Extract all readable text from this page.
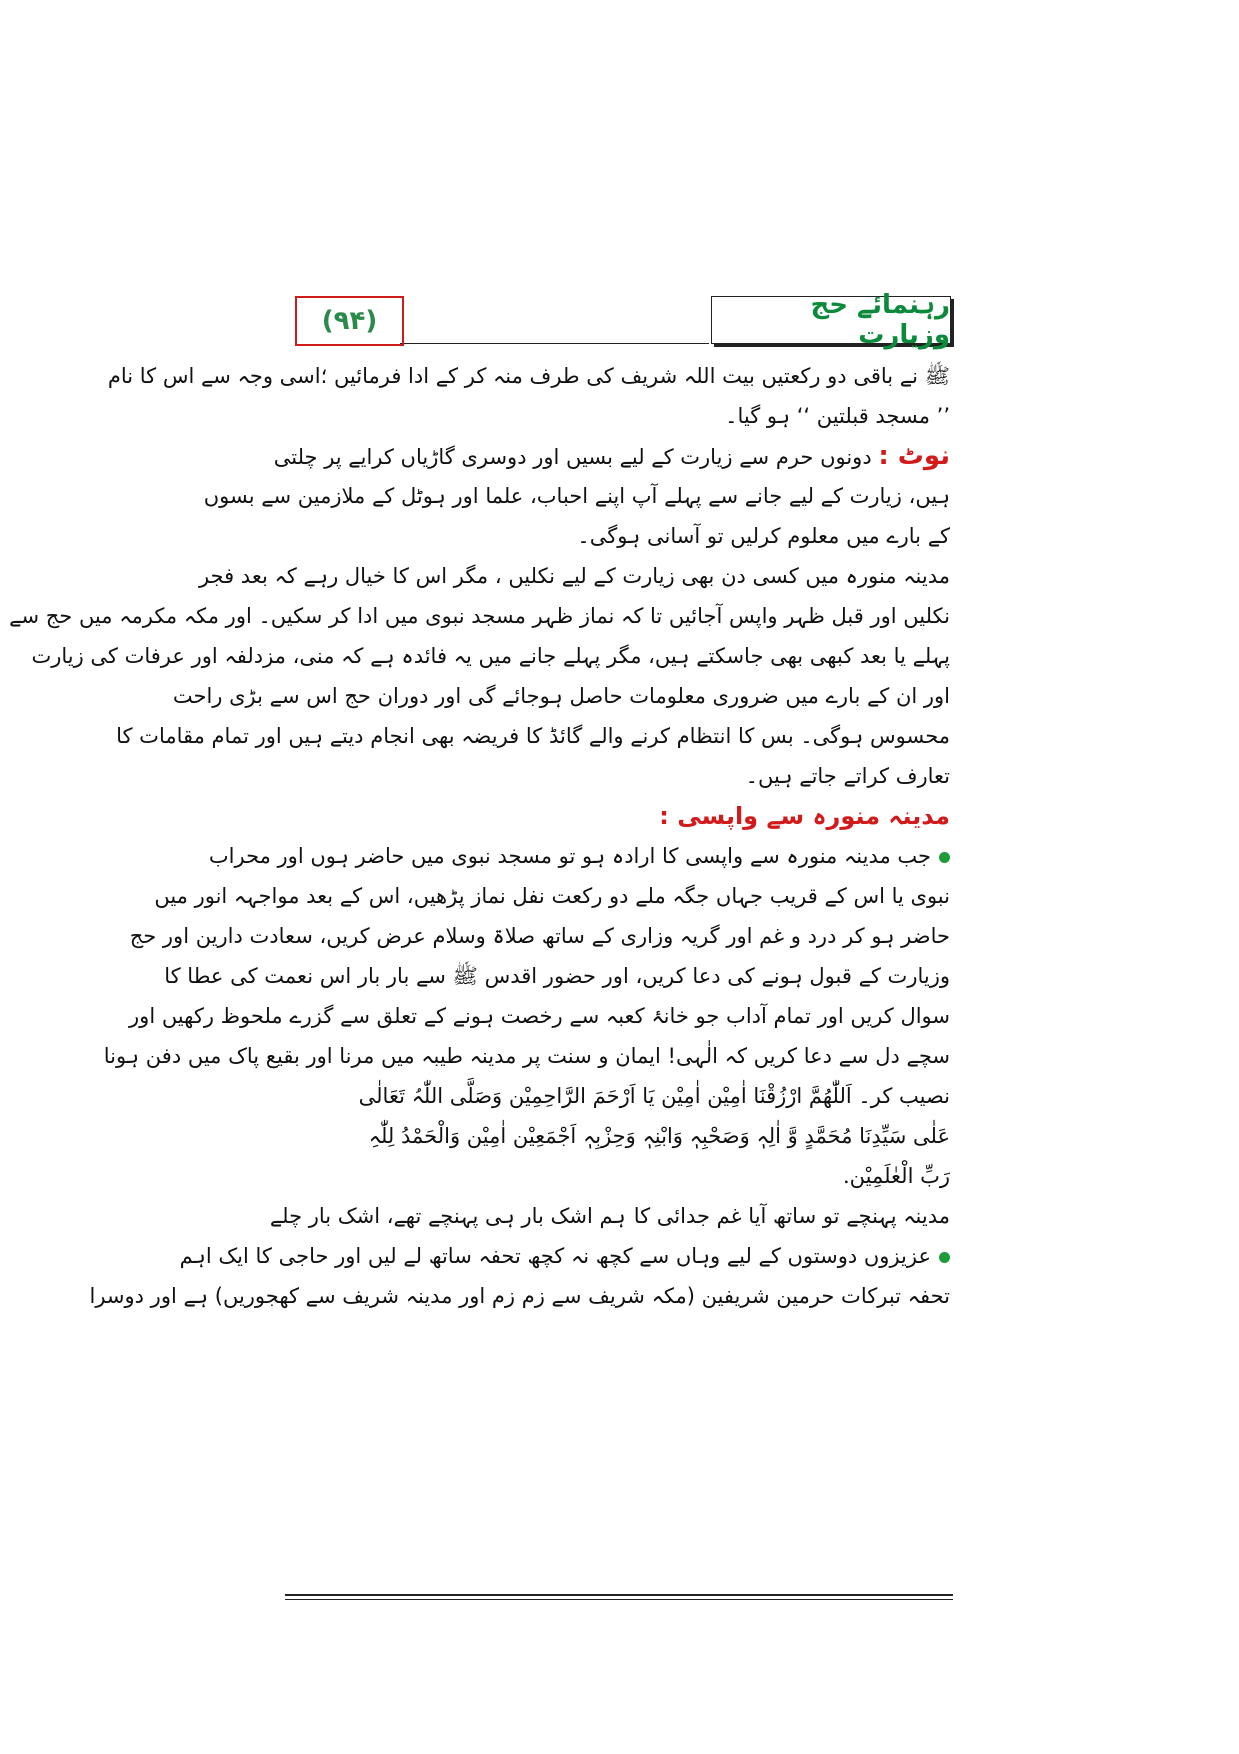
رہنمائے حج وزیارت
(۹۴)
ﷺ نے باقی دو رکعتیں بیت اللہ شریف کی طرف منہ کر کے ادا فرمائیں ؛اسی وجہ سے اس کا نام
’’ مسجد قبلتین ‘‘ ہو گیا۔
نوٹ : دونوں حرم سے زیارت کے لیے بسیں اور دوسری گاڑیاں کرایے پر چلتی
ہیں، زیارت کے لیے جانے سے پہلے آپ اپنے احباب، علما اور ہوٹل کے ملازمین سے بسوں
کے بارے میں معلوم کرلیں تو آسانی ہوگی۔
مدینہ منورہ میں کسی دن بھی زیارت کے لیے نکلیں ، مگر اس کا خیال رہے کہ بعد فجر
نکلیں اور قبل ظہر واپس آجائیں تا کہ نماز ظہر مسجد نبوی میں ادا کر سکیں۔ اور مکہ مکرمہ میں حج سے
پہلے یا بعد کبھی بھی جاسکتے ہیں، مگر پہلے جانے میں یہ فائدہ ہے کہ منی، مزدلفہ اور عرفات کی زیارت
اور ان کے بارے میں ضروری معلومات حاصل ہوجائے گی اور دوران حج اس سے بڑی راحت
محسوس ہوگی۔ بس کا انتظام کرنے والے گائڈ کا فریضہ بھی انجام دیتے ہیں اور تمام مقامات کا
تعارف کراتے جاتے ہیں۔
مدینہ منورہ سے واپسی :
جب مدینہ منورہ سے واپسی کا ارادہ ہو تو مسجد نبوی میں حاضر ہوں اور محراب
نبوی یا اس کے قریب جہاں جگہ ملے دو رکعت نفل نماز پڑھیں، اس کے بعد مواجہہ انور میں
حاضر ہو کر درد و غم اور گریہ وزاری کے ساتھ صلاۃ وسلام عرض کریں، سعادت دارین اور حج
وزیارت کے قبول ہونے کی دعا کریں، اور حضور اقدس ﷺ سے بار بار اس نعمت کی عطا کا
سوال کریں اور تمام آداب جو خانۂ کعبہ سے رخصت ہونے کے تعلق سے گزرے ملحوظ رکھیں اور
سچے دل سے دعا کریں کہ الٰہی! ایمان و سنت پر مدینہ طیبہ میں مرنا اور بقیع پاک میں دفن ہونا
نصیب کر۔ اَللّٰھُمَّ ارْزُقْنَا اٰمِیْن اٰمِیْن یَا اَرْحَمَ الرَّاحِمِیْن وَصَلَّی اللّٰہُ تَعَالٰی
عَلٰی سَیِّدِنَا مُحَمَّدٍ وَّ اٰلِہٖ وَصَحْبِہٖ وَابْنِہٖ وَحِزْبِہٖ اَجْمَعِیْن اٰمِیْن وَالْحَمْدُ لِلّٰہِ
رَبِّ الْعٰلَمِیْن.
مدینہ پہنچے تو ساتھ آیا غم جدائی کا
ہم اشک بار ہی پہنچے تھے، اشک بار چلے
عزیزوں دوستوں کے لیے وہاں سے کچھ نہ کچھ تحفہ ساتھ لے لیں اور حاجی کا ایک اہم
تحفہ تبرکات حرمین شریفین (مکہ شریف سے زم زم اور مدینہ شریف سے کھجوریں) ہے اور دوسرا
